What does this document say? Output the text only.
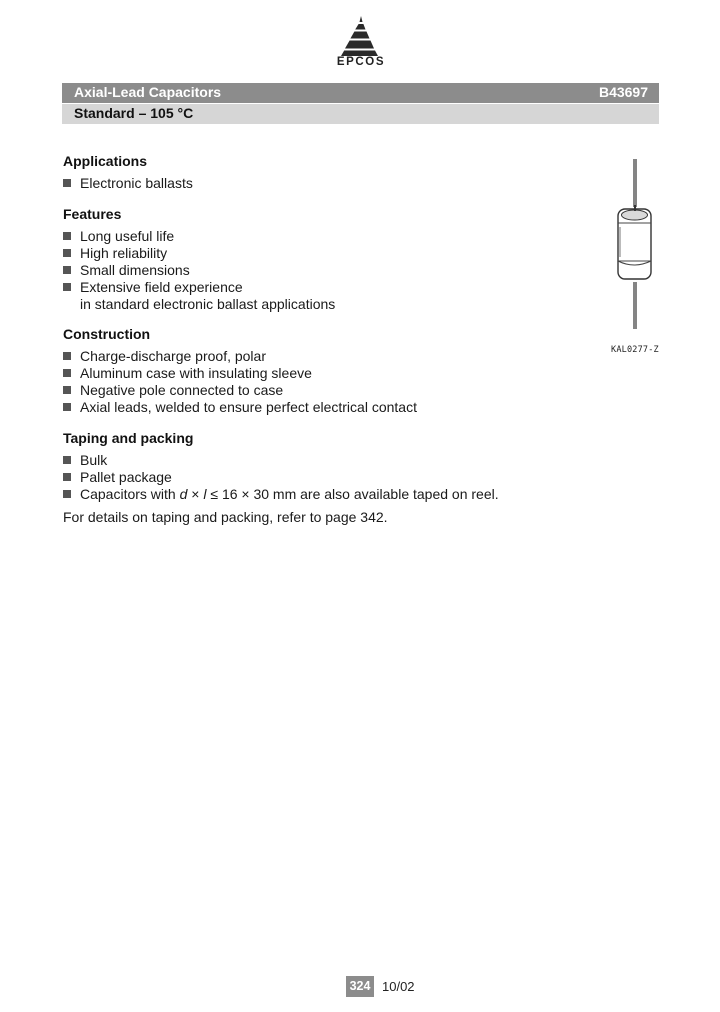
EPCOS
Axial-Lead Capacitors	B43697
Standard – 105 °C
Applications
Electronic ballasts
Features
Long useful life
High reliability
Small dimensions
Extensive field experience
in standard electronic ballast applications
Construction
Charge-discharge proof, polar
Aluminum case with insulating sleeve
Negative pole connected to case
Axial leads, welded to ensure perfect electrical contact
Taping and packing
Bulk
Pallet package
Capacitors with d × l ≤ 16 × 30 mm are also available taped on reel.
For details on taping and packing, refer to page 342.
KAL0277-Z
324 10/02
